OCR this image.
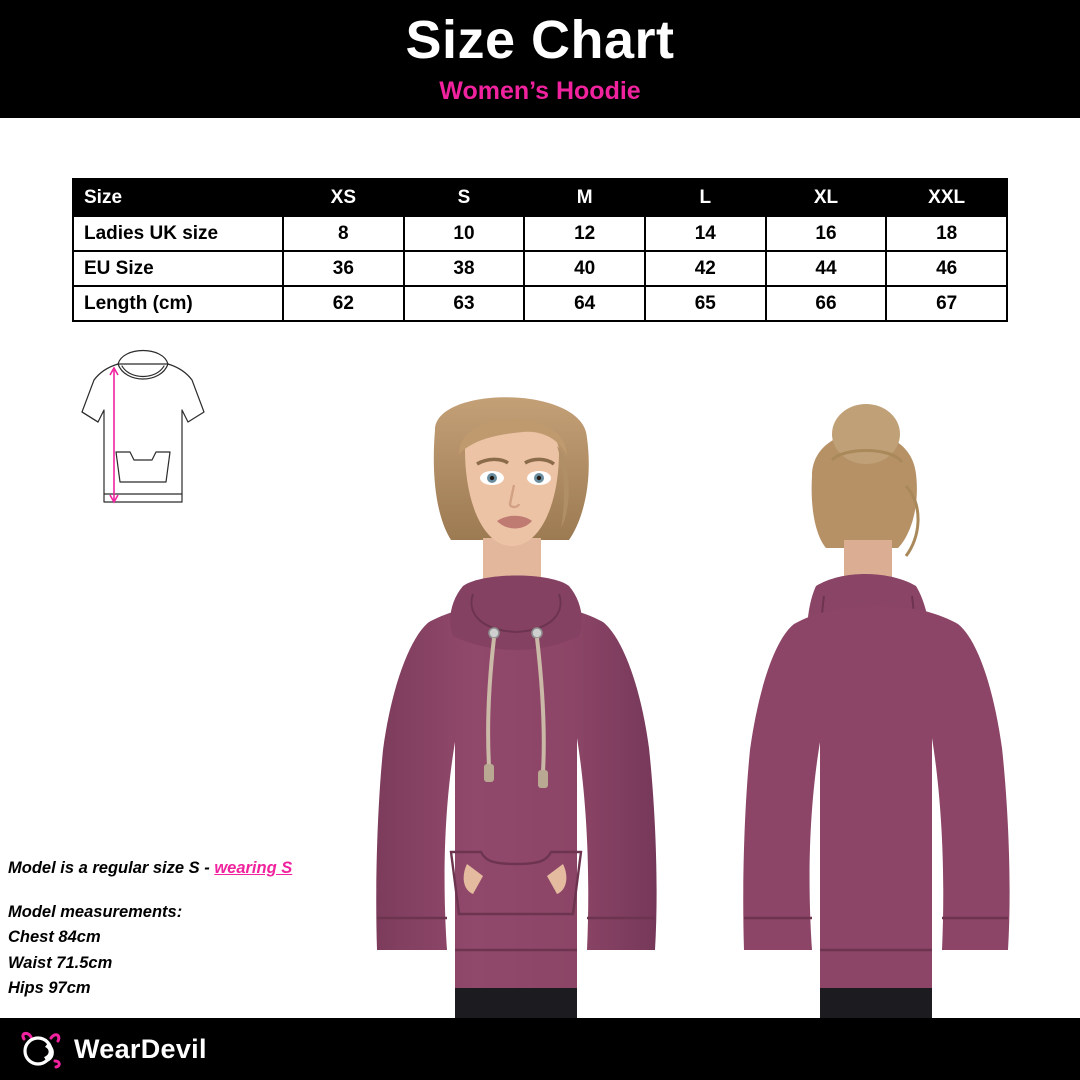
Size Chart
Women’s Hoodie
Size	XS	S	M	L	XL	XXL
Ladies UK size	8	10	12	14	16	18
EU Size	36	38	40	42	44	46
Length (cm)	62	63	64	65	66	67
Model is a regular size S - wearing S
Model measurements:
Chest 84cm
Waist 71.5cm
Hips 97cm
WearDevil
